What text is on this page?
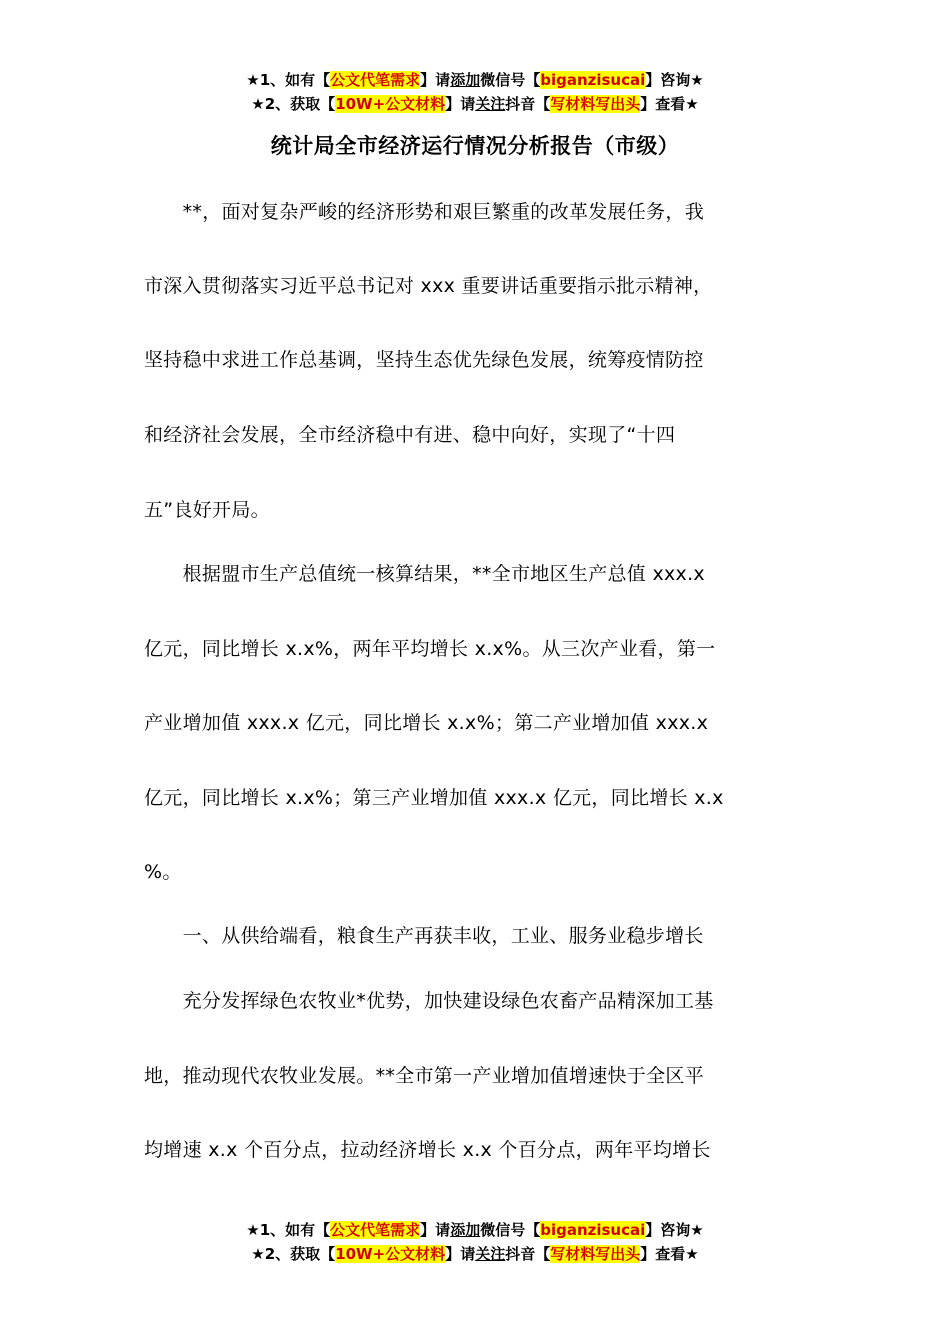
★1、如有【公文代笔需求】请添加微信号【biganzisucai】咨询★
★2、获取【10W+公文材料】请关注抖音【写材料写出头】查看★
统计局全市经济运行情况分析报告（市级）
　　**，面对复杂严峻的经济形势和艰巨繁重的改革发展任务，我
市深入贯彻落实习近平总书记对 xxx 重要讲话重要指示批示精神，
坚持稳中求进工作总基调，坚持生态优先绿色发展，统筹疫情防控
和经济社会发展，全市经济稳中有进、稳中向好，实现了“十四
五”良好开局。
　　根据盟市生产总值统一核算结果，**全市地区生产总值 xxx.x
亿元，同比增长 x.x%，两年平均增长 x.x%。从三次产业看，第一
产业增加值 xxx.x 亿元，同比增长 x.x%；第二产业增加值 xxx.x
亿元，同比增长 x.x%；第三产业增加值 xxx.x 亿元，同比增长 x.x
%。
　　一、从供给端看，粮食生产再获丰收，工业、服务业稳步增长
　　充分发挥绿色农牧业*优势，加快建设绿色农畜产品精深加工基
地，推动现代农牧业发展。**全市第一产业增加值增速快于全区平
均增速 x.x 个百分点，拉动经济增长 x.x 个百分点，两年平均增长
★1、如有【公文代笔需求】请添加微信号【biganzisucai】咨询★
★2、获取【10W+公文材料】请关注抖音【写材料写出头】查看★
